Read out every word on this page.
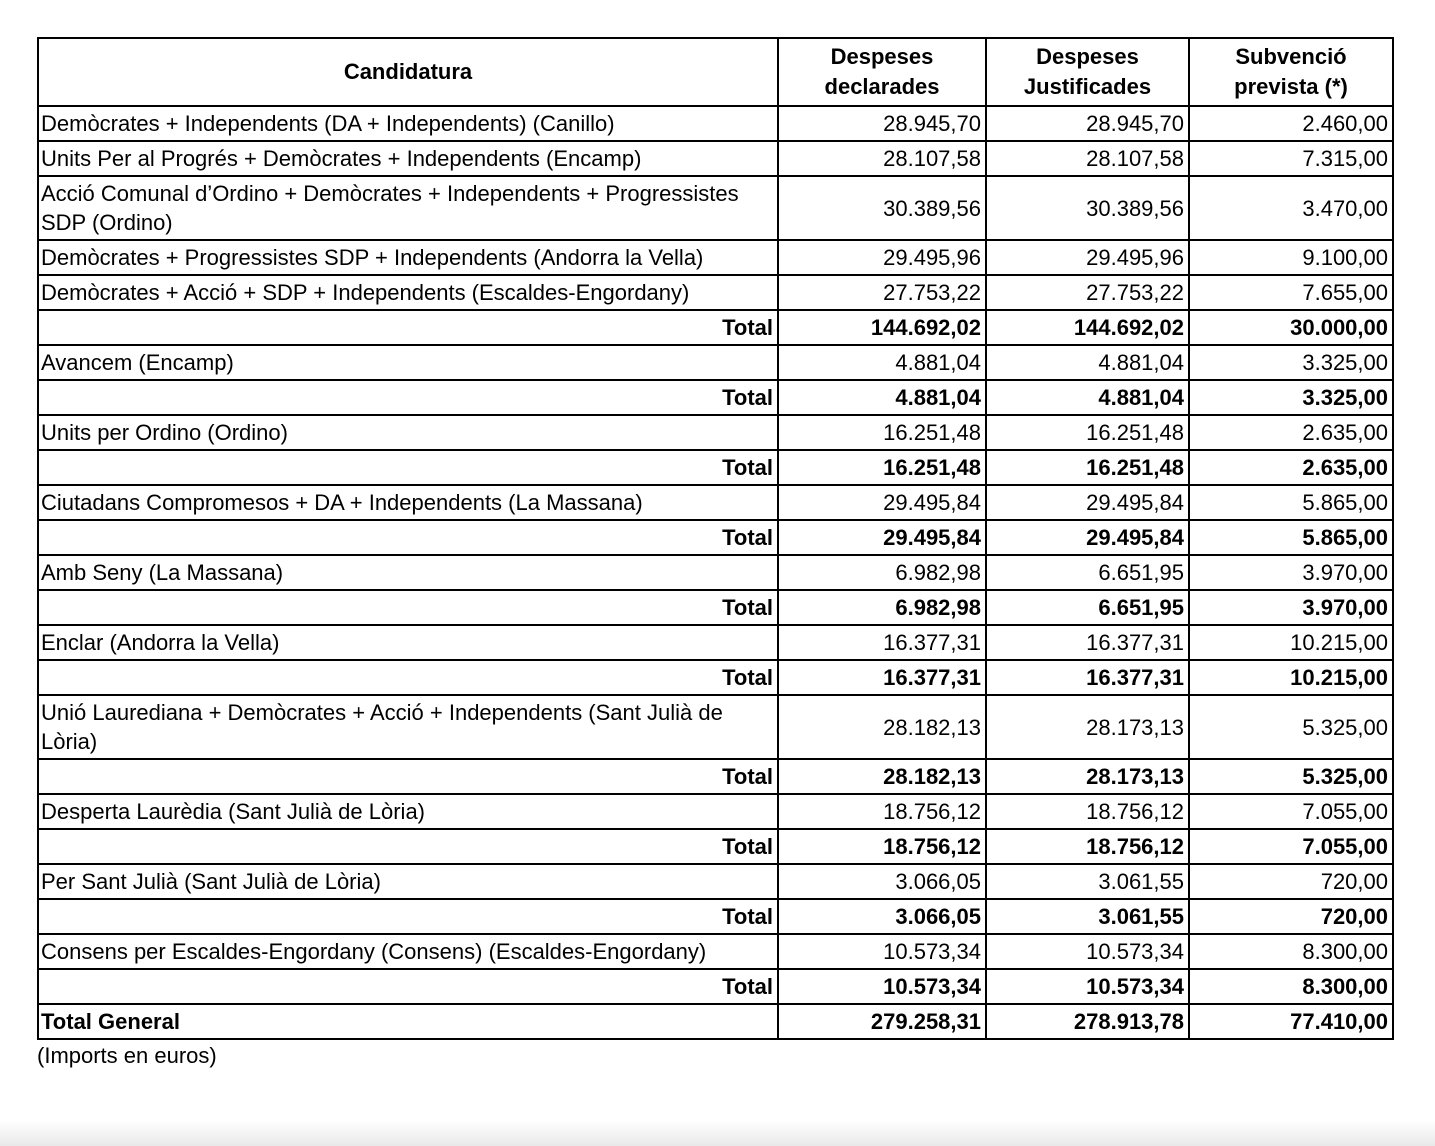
Candidatura	Despeses declarades	Despeses Justificades	Subvenció prevista (*)
Demòcrates + Independents (DA + Independents) (Canillo)	28.945,70	28.945,70	2.460,00
Units Per al Progrés + Demòcrates + Independents (Encamp)	28.107,58	28.107,58	7.315,00
Acció Comunal d’Ordino + Demòcrates + Independents + Progressistes SDP (Ordino)	30.389,56	30.389,56	3.470,00
Demòcrates + Progressistes SDP + Independents (Andorra la Vella)	29.495,96	29.495,96	9.100,00
Demòcrates + Acció + SDP + Independents (Escaldes-Engordany)	27.753,22	27.753,22	7.655,00
Total	144.692,02	144.692,02	30.000,00
Avancem (Encamp)	4.881,04	4.881,04	3.325,00
Total	4.881,04	4.881,04	3.325,00
Units per Ordino (Ordino)	16.251,48	16.251,48	2.635,00
Total	16.251,48	16.251,48	2.635,00
Ciutadans Compromesos + DA + Independents (La Massana)	29.495,84	29.495,84	5.865,00
Total	29.495,84	29.495,84	5.865,00
Amb Seny (La Massana)	6.982,98	6.651,95	3.970,00
Total	6.982,98	6.651,95	3.970,00
Enclar (Andorra la Vella)	16.377,31	16.377,31	10.215,00
Total	16.377,31	16.377,31	10.215,00
Unió Laurediana + Demòcrates + Acció + Independents (Sant Julià de Lòria)	28.182,13	28.173,13	5.325,00
Total	28.182,13	28.173,13	5.325,00
Desperta Laurèdia (Sant Julià de Lòria)	18.756,12	18.756,12	7.055,00
Total	18.756,12	18.756,12	7.055,00
Per Sant Julià (Sant Julià de Lòria)	3.066,05	3.061,55	720,00
Total	3.066,05	3.061,55	720,00
Consens per Escaldes-Engordany (Consens) (Escaldes-Engordany)	10.573,34	10.573,34	8.300,00
Total	10.573,34	10.573,34	8.300,00
Total General	279.258,31	278.913,78	77.410,00
(Imports en euros)
